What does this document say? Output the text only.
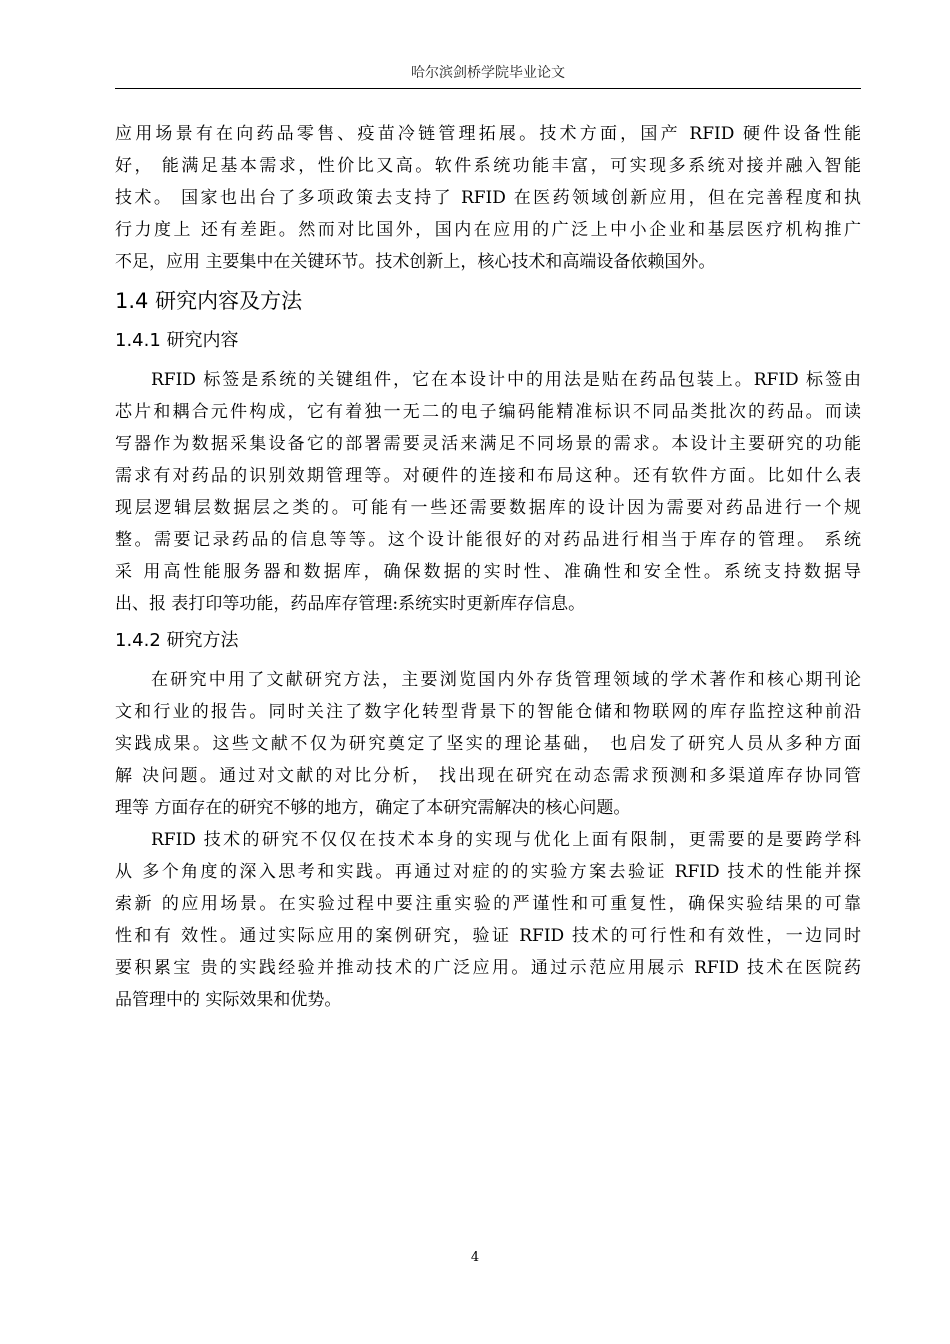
哈尔滨剑桥学院毕业论文

应用场景有在向药品零售、疫苗冷链管理拓展。技术方面，国产 RFID 硬件设备性能

好， 能满足基本需求，性价比又高。软件系统功能丰富，可实现多系统对接并融入智能

技术。 国家也出台了多项政策去支持了 RFID 在医药领域创新应用，但在完善程度和执

行力度上 还有差距。然而对比国外，国内在应用的广泛上中小企业和基层医疗机构推广

不足，应用 主要集中在关键环节。技术创新上，核心技术和高端设备依赖国外。

1.4 研究内容及方法
1.4.1 研究内容

RFID 标签是系统的关键组件，它在本设计中的用法是贴在药品包装上。RFID 标签由

芯片和耦合元件构成，它有着独一无二的电子编码能精准标识不同品类批次的药品。而读

写器作为数据采集设备它的部署需要灵活来满足不同场景的需求。本设计主要研究的功能

需求有对药品的识别效期管理等。对硬件的连接和布局这种。还有软件方面。比如什么表

现层逻辑层数据层之类的。可能有一些还需要数据库的设计因为需要对药品进行一个规

整。需要记录药品的信息等等。这个设计能很好的对药品进行相当于库存的管理。 系统

采 用高性能服务器和数据库，确保数据的实时性、准确性和安全性。系统支持数据导

出、报 表打印等功能，药品库存管理:系统实时更新库存信息。

1.4.2 研究方法

在研究中用了文献研究方法，主要浏览国内外存货管理领域的学术著作和核心期刊论

文和行业的报告。同时关注了数字化转型背景下的智能仓储和物联网的库存监控这种前沿

实践成果。这些文献不仅为研究奠定了坚实的理论基础， 也启发了研究人员从多种方面

解 决问题。通过对文献的对比分析， 找出现在研究在动态需求预测和多渠道库存协同管

理等 方面存在的研究不够的地方，确定了本研究需解决的核心问题。

RFID 技术的研究不仅仅在技术本身的实现与优化上面有限制，更需要的是要跨学科

从 多个角度的深入思考和实践。再通过对症的的实验方案去验证 RFID 技术的性能并探

索新 的应用场景。在实验过程中要注重实验的严谨性和可重复性，确保实验结果的可靠

性和有 效性。通过实际应用的案例研究，验证 RFID 技术的可行性和有效性，一边同时

要积累宝 贵的实践经验并推动技术的广泛应用。通过示范应用展示 RFID 技术在医院药

品管理中的 实际效果和优势。

4
